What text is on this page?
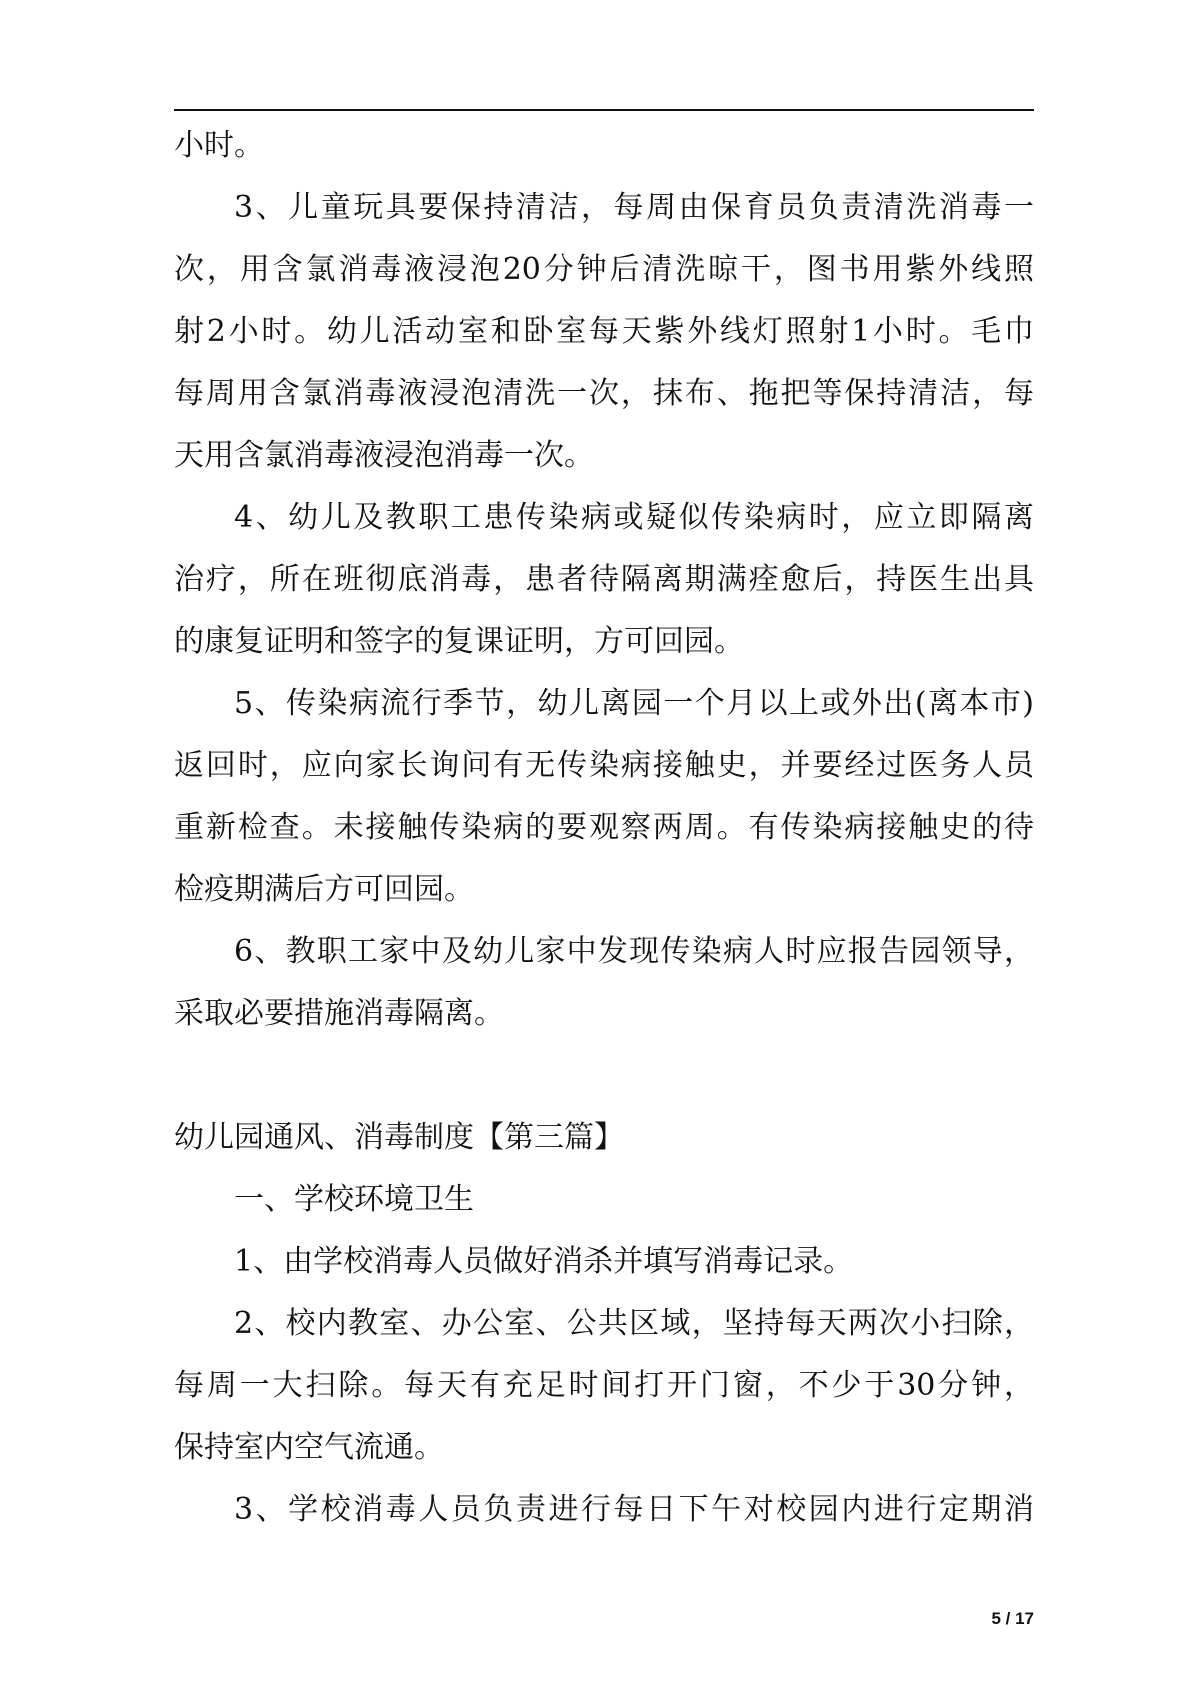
小时。
3、儿童玩具要保持清洁，每周由保育员负责清洗消毒一
次，用含氯消毒液浸泡20分钟后清洗晾干，图书用紫外线照
射2小时。幼儿活动室和卧室每天紫外线灯照射1小时。毛巾
每周用含氯消毒液浸泡清洗一次，抹布、拖把等保持清洁，每
天用含氯消毒液浸泡消毒一次。
4、幼儿及教职工患传染病或疑似传染病时，应立即隔离
治疗，所在班彻底消毒，患者待隔离期满痊愈后，持医生出具
的康复证明和签字的复课证明，方可回园。
5、传染病流行季节，幼儿离园一个月以上或外出(离本市)
返回时，应向家长询问有无传染病接触史，并要经过医务人员
重新检查。未接触传染病的要观察两周。有传染病接触史的待
检疫期满后方可回园。
6、教职工家中及幼儿家中发现传染病人时应报告园领导，
采取必要措施消毒隔离。
幼儿园通风、消毒制度【第三篇】
一、学校环境卫生
1、由学校消毒人员做好消杀并填写消毒记录。
2、校内教室、办公室、公共区域，坚持每天两次小扫除，
每周一大扫除。每天有充足时间打开门窗，不少于30分钟，
保持室内空气流通。
3、学校消毒人员负责进行每日下午对校园内进行定期消
5 / 17
